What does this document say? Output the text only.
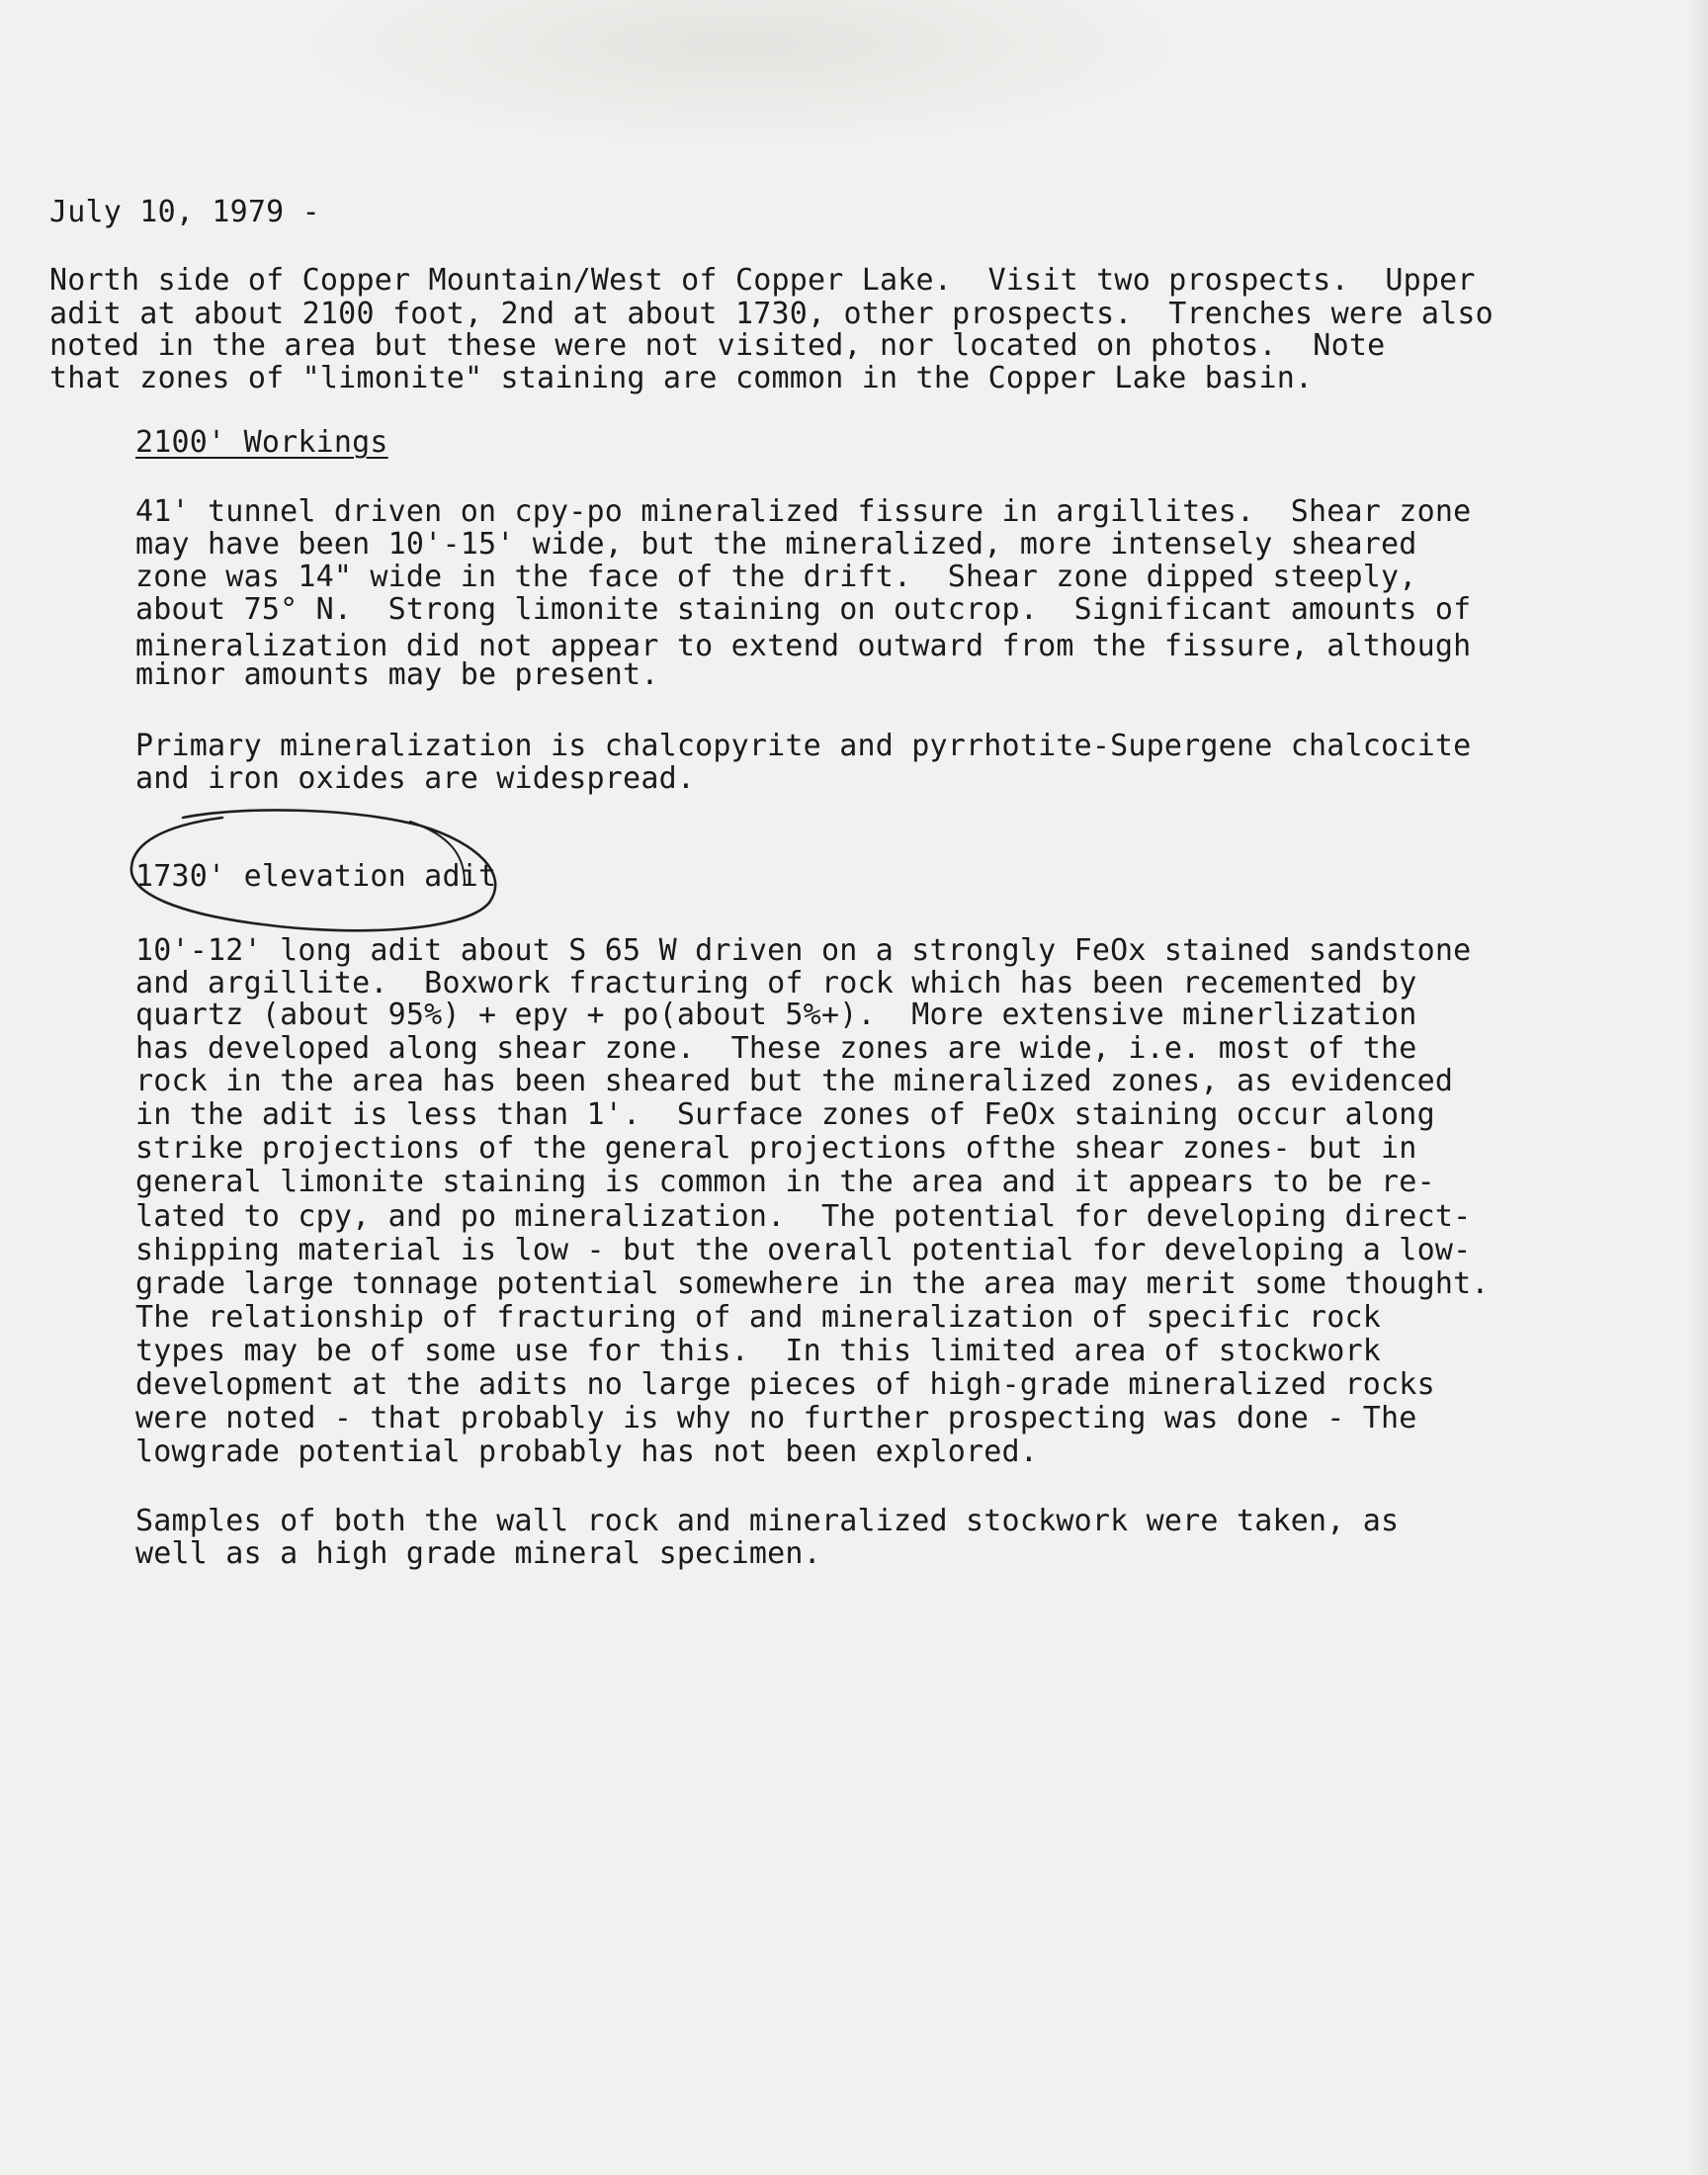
July 10, 1979 -
North side of Copper Mountain/West of Copper Lake.  Visit two prospects.  Upper
adit at about 2100 foot, 2nd at about 1730, other prospects.  Trenches were also
noted in the area but these were not visited, nor located on photos.  Note
that zones of "limonite" staining are common in the Copper Lake basin.
2100' Workings
41' tunnel driven on cpy-po mineralized fissure in argillites.  Shear zone
may have been 10'-15' wide, but the mineralized, more intensely sheared
zone was 14" wide in the face of the drift.  Shear zone dipped steeply,
about 75° N.  Strong limonite staining on outcrop.  Significant amounts of
mineralization did not appear to extend outward from the fissure, although
minor amounts may be present.
Primary mineralization is chalcopyrite and pyrrhotite-Supergene chalcocite
and iron oxides are widespread.
1730' elevation adit
10'-12' long adit about S 65 W driven on a strongly FeOx stained sandstone
and argillite.  Boxwork fracturing of rock which has been recemented by
quartz (about 95%) + epy + po(about 5%+).  More extensive minerlization
has developed along shear zone.  These zones are wide, i.e. most of the
rock in the area has been sheared but the mineralized zones, as evidenced
in the adit is less than 1'.  Surface zones of FeOx staining occur along
strike projections of the general projections ofthe shear zones- but in
general limonite staining is common in the area and it appears to be re-
lated to cpy, and po mineralization.  The potential for developing direct-
shipping material is low - but the overall potential for developing a low-
grade large tonnage potential somewhere in the area may merit some thought.
The relationship of fracturing of and mineralization of specific rock
types may be of some use for this.  In this limited area of stockwork
development at the adits no large pieces of high-grade mineralized rocks
were noted - that probably is why no further prospecting was done - The
lowgrade potential probably has not been explored.
Samples of both the wall rock and mineralized stockwork were taken, as
well as a high grade mineral specimen.
